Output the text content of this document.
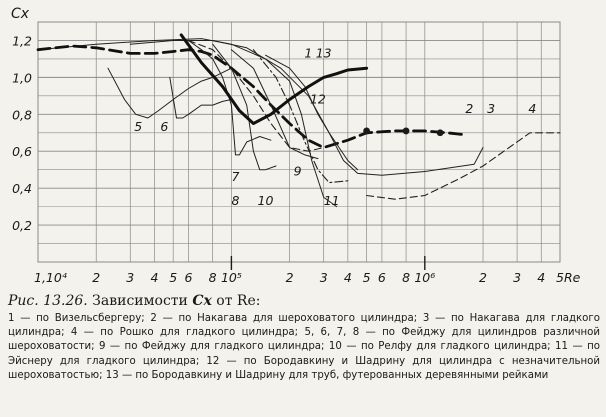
0,2
0,4
0,6
0,8
1,0
1,2
Cx
1,10⁴ 2 3 4 5 6 8 10⁵	2 3 4 5 6 8 10⁶	2 3 4 5 Re
1 13
2 3	4
12
5 6
7	9
8 10	11
Рис. 13.26. Зависимости Cx от Re:
1 — по Визельсбергеру; 2 — по Накагава для шероховатого цилиндра; 3 — по Накагава для гладкого цилиндра; 4 — по Рошко для гладкого цилиндра; 5, 6, 7, 8 — по Фейджу для цилиндров различной шероховатости; 9 — по Фейджу для гладкого цилиндра; 10 — по Релфу для гладкого цилиндра; 11 — по Эйснеру для гладкого цилиндра; 12 — по Бородавкину и Шадрину для цилиндра с незначительной шероховатостью; 13 — по Бородавкину и Шадрину для труб, футерованных деревянными рейками
